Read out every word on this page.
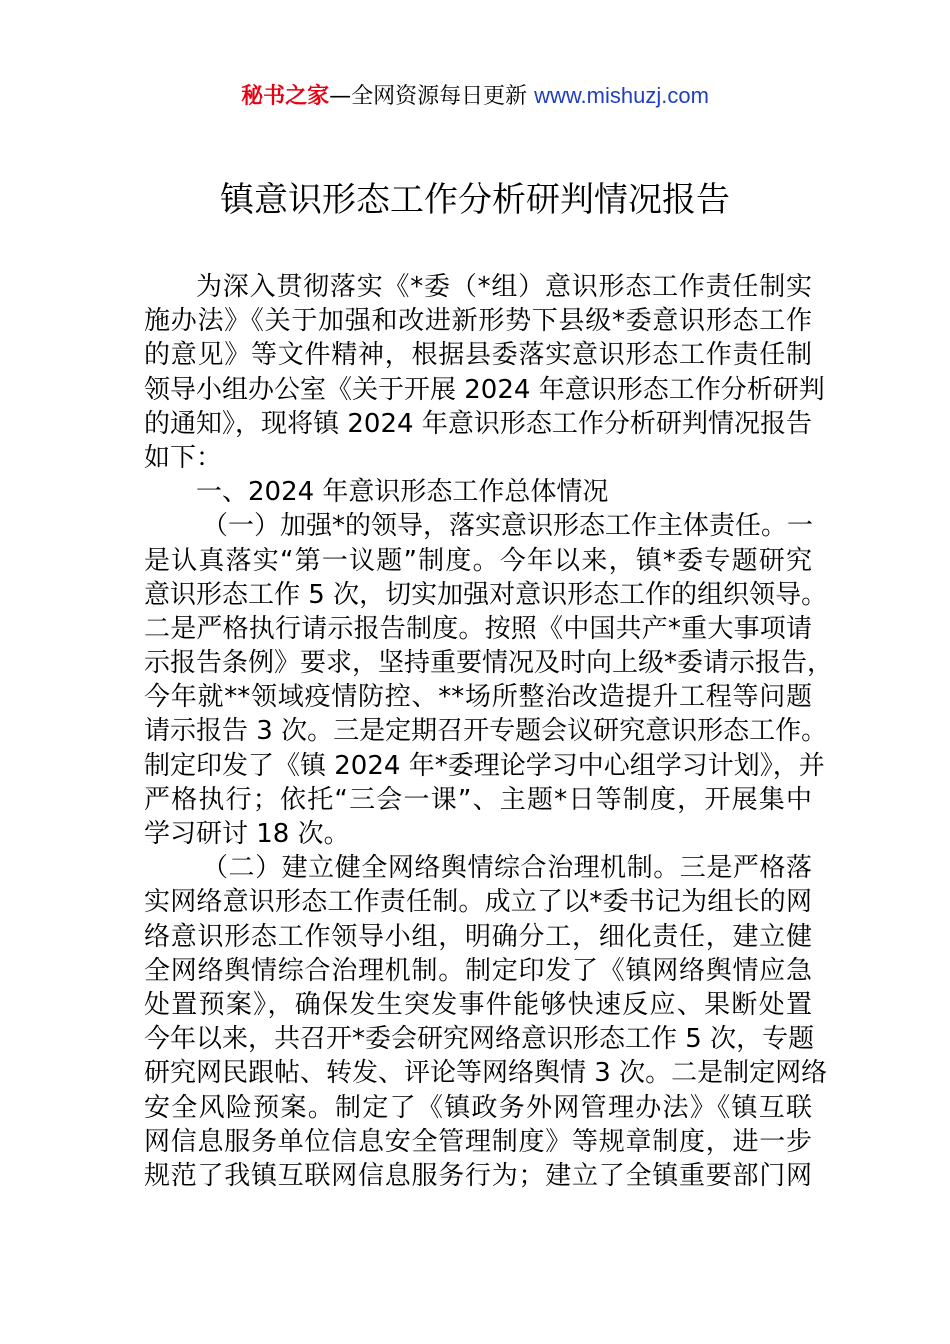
秘书之家—全网资源每日更新 www.mishuzj.com
镇意识形态工作分析研判情况报告
为深入贯彻落实《*委（*组）意识形态工作责任制实
施办法》《关于加强和改进新形势下县级*委意识形态工作
的意见》等文件精神，根据县委落实意识形态工作责任制
领导小组办公室《关于开展 2024 年意识形态工作分析研判
的通知》，现将镇 2024 年意识形态工作分析研判情况报告
如下：
一、2024 年意识形态工作总体情况
（一）加强*的领导，落实意识形态工作主体责任。一
是认真落实“第一议题”制度。今年以来，镇*委专题研究
意识形态工作 5 次，切实加强对意识形态工作的组织领导。
二是严格执行请示报告制度。按照《中国共产*重大事项请
示报告条例》要求，坚持重要情况及时向上级*委请示报告，
今年就**领域疫情防控、**场所整治改造提升工程等问题
请示报告 3 次。三是定期召开专题会议研究意识形态工作。
制定印发了《镇 2024 年*委理论学习中心组学习计划》，并
严格执行；依托“三会一课”、主题*日等制度，开展集中
学习研讨 18 次。
（二）建立健全网络舆情综合治理机制。三是严格落
实网络意识形态工作责任制。成立了以*委书记为组长的网
络意识形态工作领导小组，明确分工，细化责任，建立健
全网络舆情综合治理机制。制定印发了《镇网络舆情应急
处置预案》，确保发生突发事件能够快速反应、果断处置
今年以来，共召开*委会研究网络意识形态工作 5 次，专题
研究网民跟帖、转发、评论等网络舆情 3 次。二是制定网络
安全风险预案。制定了《镇政务外网管理办法》《镇互联
网信息服务单位信息安全管理制度》等规章制度，进一步
规范了我镇互联网信息服务行为；建立了全镇重要部门网
